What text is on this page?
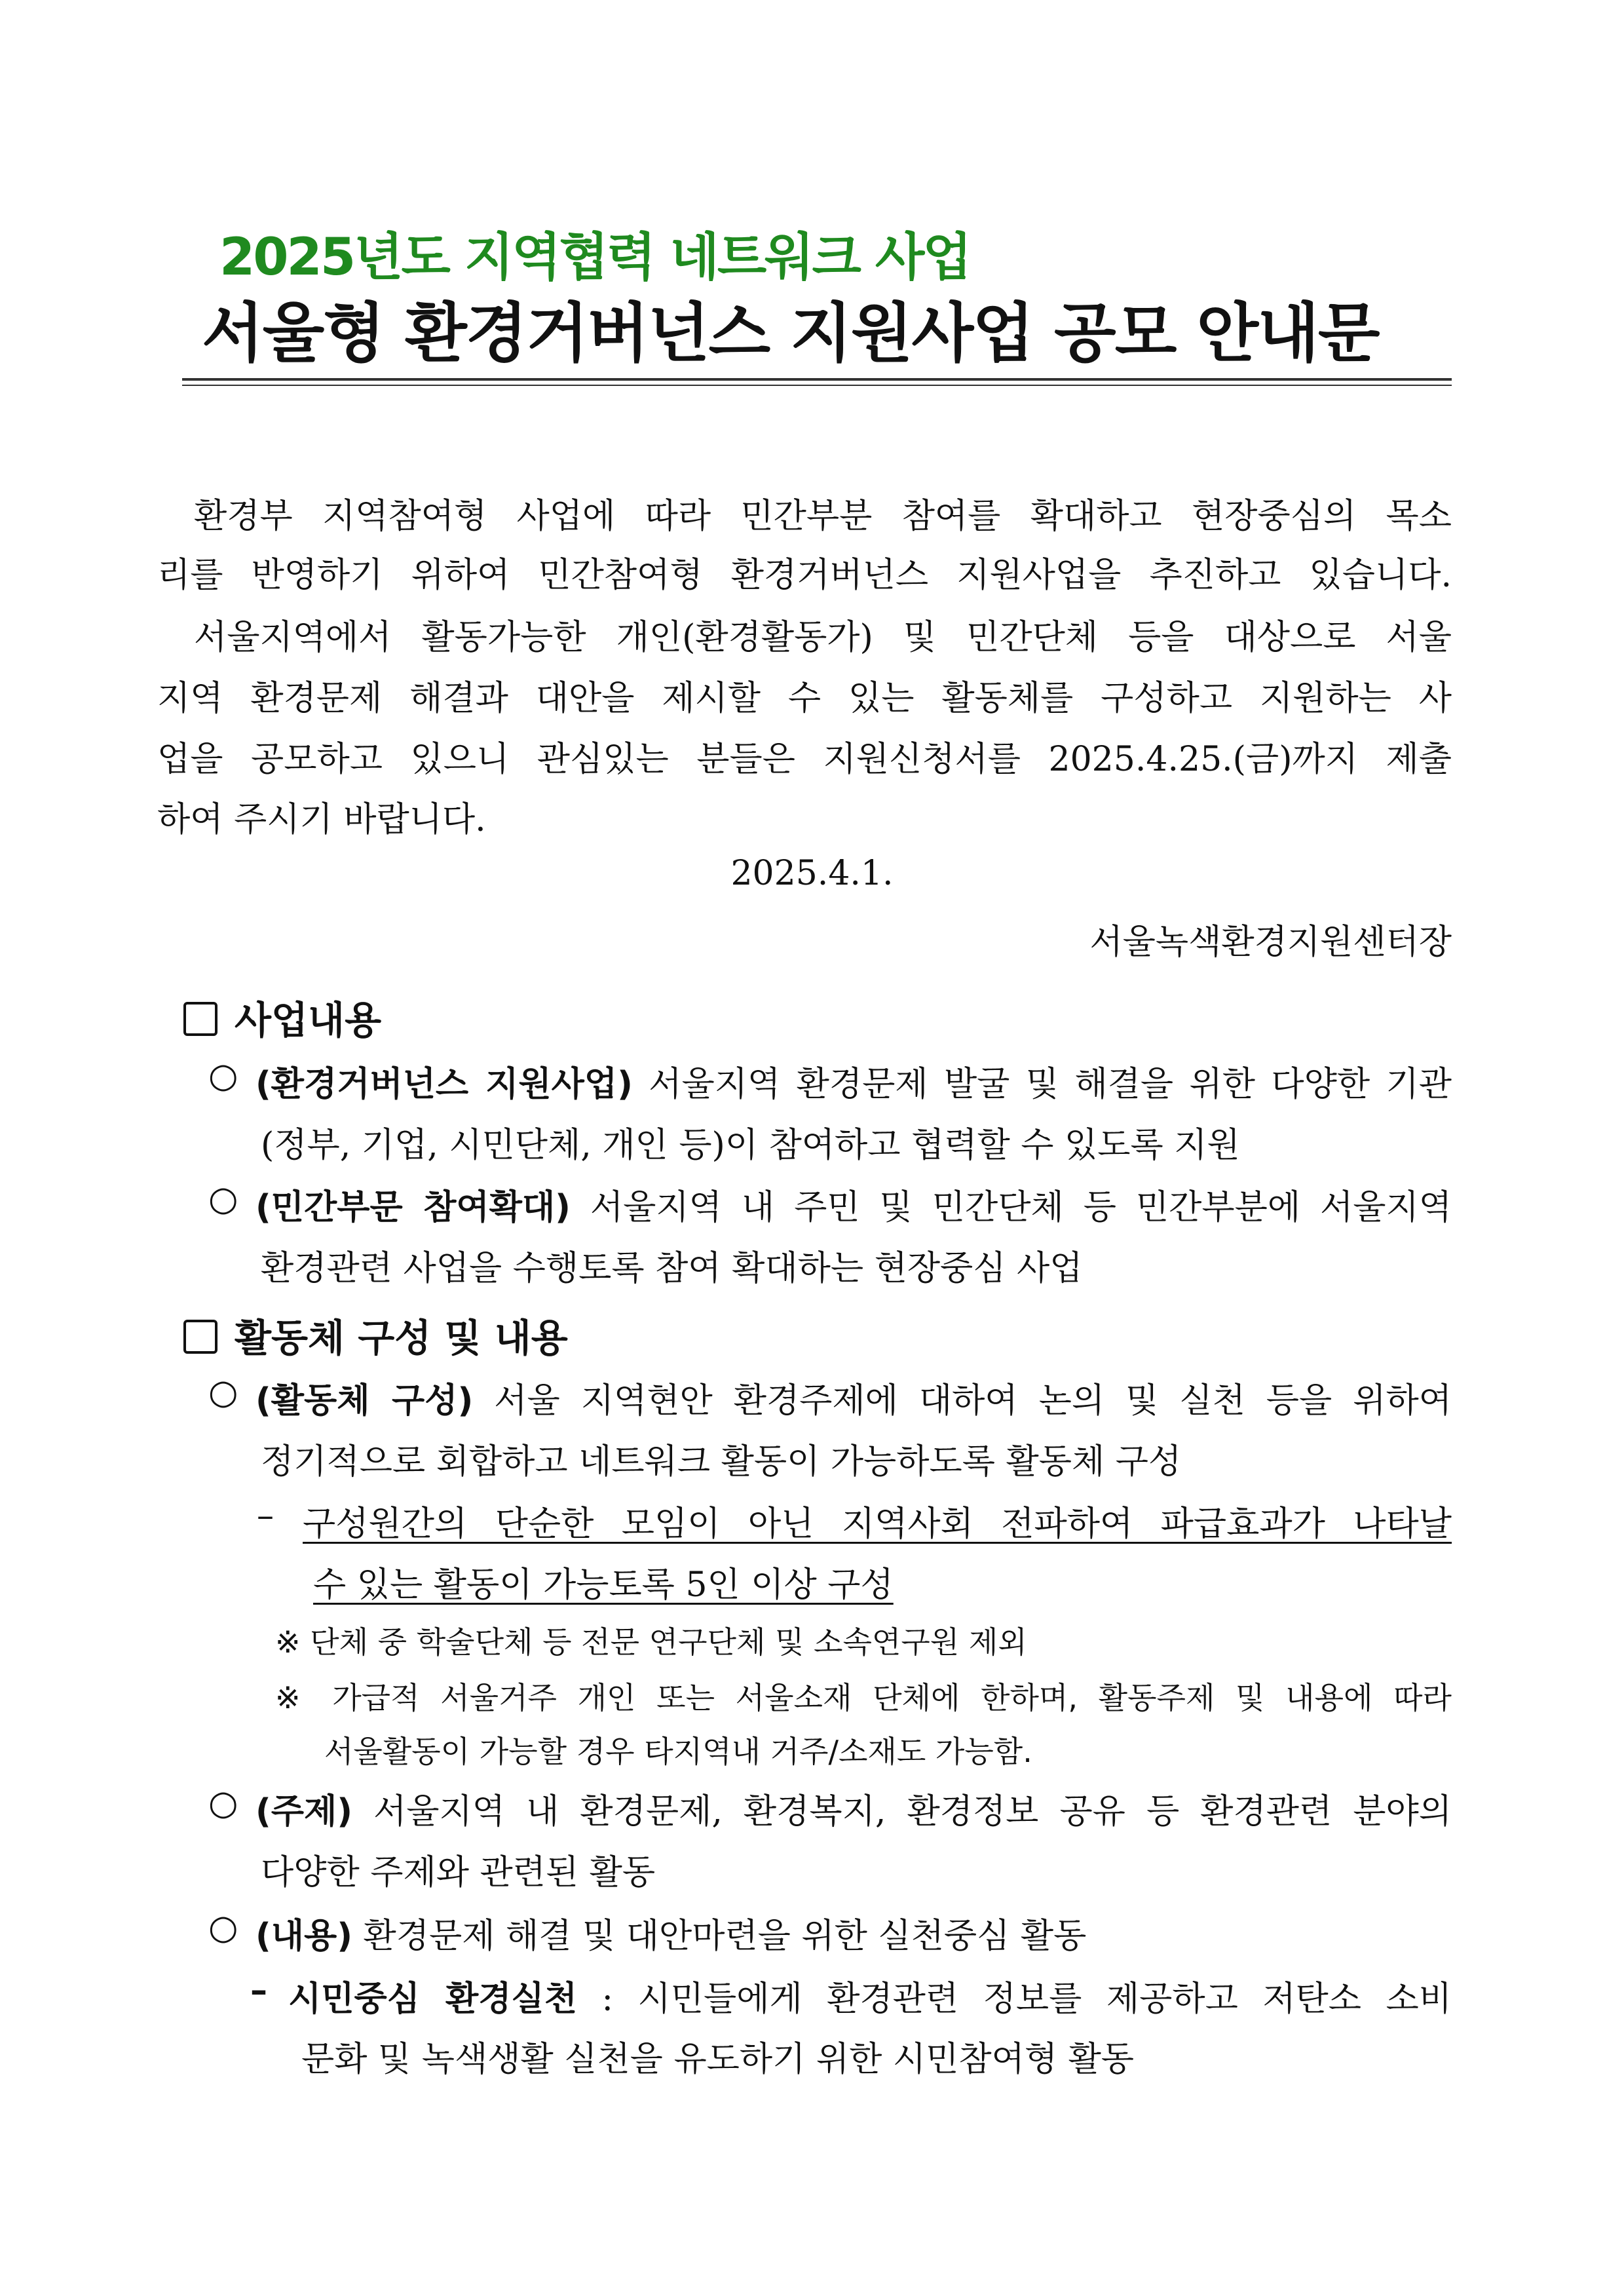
2025년도 지역협력 네트워크 사업
서울형 환경거버넌스 지원사업 공모 안내문
환경부 지역참여형 사업에 따라 민간부분 참여를 확대하고 현장중심의 목소
리를 반영하기 위하여 민간참여형 환경거버넌스 지원사업을 추진하고 있습니다.
서울지역에서 활동가능한 개인(환경활동가) 및 민간단체 등을 대상으로 서울
지역 환경문제 해결과 대안을 제시할 수 있는 활동체를 구성하고 지원하는 사
업을 공모하고 있으니 관심있는 분들은 지원신청서를 2025.4.25.(금)까지 제출
하여 주시기 바랍니다.
2025.4.1.
서울녹색환경지원센터장
사업내용
○ (환경거버넌스 지원사업) 서울지역 환경문제 발굴 및 해결을 위한 다양한 기관
(정부, 기업, 시민단체, 개인 등)이 참여하고 협력할 수 있도록 지원
○ (민간부문 참여확대) 서울지역 내 주민 및 민간단체 등 민간부분에 서울지역
환경관련 사업을 수행토록 참여 확대하는 현장중심 사업
활동체 구성 및 내용
○ (활동체 구성) 서울 지역현안 환경주제에 대하여 논의 및 실천 등을 위하여
정기적으로 회합하고 네트워크 활동이 가능하도록 활동체 구성
– 구성원간의 단순한 모임이 아닌 지역사회 전파하여 파급효과가 나타날
수 있는 활동이 가능토록 5인 이상 구성
※ 단체 중 학술단체 등 전문 연구단체 및 소속연구원 제외
※ 가급적 서울거주 개인 또는 서울소재 단체에 한하며, 활동주제 및 내용에 따라
서울활동이 가능할 경우 타지역내 거주/소재도 가능함.
○ (주제) 서울지역 내 환경문제, 환경복지, 환경정보 공유 등 환경관련 분야의
다양한 주제와 관련된 활동
○ (내용) 환경문제 해결 및 대안마련을 위한 실천중심 활동
– 시민중심 환경실천 : 시민들에게 환경관련 정보를 제공하고 저탄소 소비
문화 및 녹색생활 실천을 유도하기 위한 시민참여형 활동
